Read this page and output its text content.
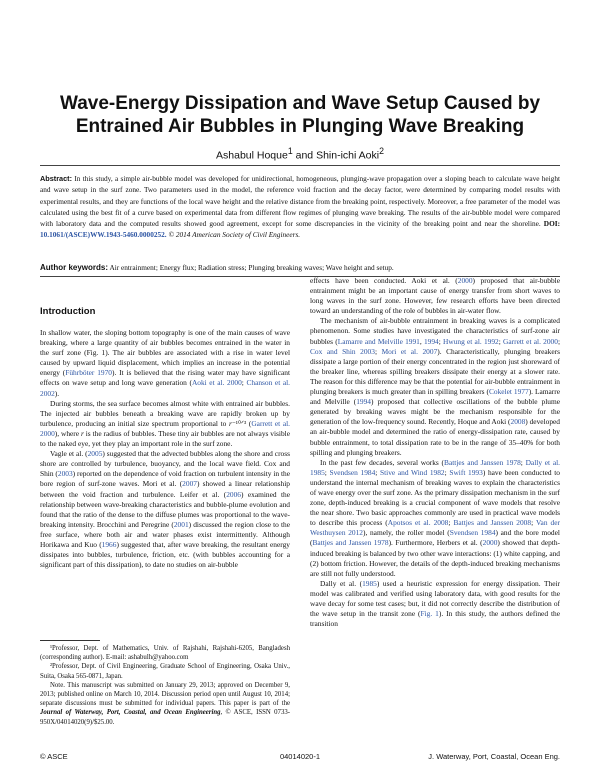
Wave-Energy Dissipation and Wave Setup Caused by Entrained Air Bubbles in Plunging Wave Breaking
Ashabul Hoque$^1$ and Shin-ichi Aoki$^2$

Abstract: In this study, a simple air-bubble model was developed for unidirectional, homogeneous, plunging-wave propagation over a sloping beach to calculate wave height and wave setup in the surf zone. Two parameters used in the model, the reference void fraction and the decay factor, were determined by comparing model results with experimental results, and they are functions of the local wave height and the relative distance from the breaking point, respectively. Moreover, a free parameter of the model was calculated using the best fit of a curve based on experimental data from different flow regimes of plunging wave breaking. The results of the air-bubble model were compared with laboratory data and the computed results showed good agreement, except for some discrepancies in the vicinity of the breaking point and near the shoreline. DOI: 10.1061/(ASCE)WW.1943-5460.0000252. © 2014 American Society of Civil Engineers.

Author keywords: Air entrainment; Energy flux; Radiation stress; Plunging breaking waves; Wave height and setup.

Introduction

In shallow water, the sloping bottom topography is one of the main causes of wave breaking, where a large quantity of air bubbles becomes entrained in the water in the surf zone (Fig. 1). The air bubbles are associated with a rise in water level caused by upward liquid displacement, which implies an increase in the potential energy (Führböter 1970). It is believed that the rising water may have significant effects on wave setup and long wave generation (Aoki et al. 2000; Chanson et al. 2002).

During storms, the sea surface becomes almost white with entrained air bubbles. The injected air bubbles beneath a breaking wave are rapidly broken up by turbulence, producing an initial size spectrum proportional to r⁻¹⁰ᐟ³ (Garrett et al. 2000), where r is the radius of bubbles. These tiny air bubbles are not always visible to the naked eye, yet they play an important role in the surf zone.

Vagle et al. (2005) suggested that the advected bubbles along the shore and cross shore are controlled by turbulence, buoyancy, and the local wave field. Cox and Shin (2003) reported on the dependence of void fraction on turbulent intensity in the bore region of surf-zone waves. Mori et al. (2007) showed a linear relationship between the void fraction and turbulence. Leifer et al. (2006) examined the relationship between wave-breaking characteristics and bubble-plume evolution and found that the ratio of the dense to the diffuse plumes was proportional to the wave-breaking intensity. Brocchini and Peregrine (2001) discussed the region close to the free surface, where both air and water phases exist intermittently. Although Horikawa and Kuo (1966) suggested that, after wave breaking, the resultant energy dissipates into bubbles, turbulence, friction, etc. (with bubbles accounting for a significant part of this dissipation), to date no studies on air-bubble

effects have been conducted. Aoki et al. (2000) proposed that air-bubble entrainment might be an important cause of energy transfer from short waves to long waves in the surf zone. However, few research efforts have been directed toward an understanding of the role of bubbles in air-water flow.

The mechanism of air-bubble entrainment in breaking waves is a complicated phenomenon. Some studies have investigated the characteristics of surf-zone air bubbles (Lamarre and Melville 1991, 1994; Hwung et al. 1992; Garrett et al. 2000; Cox and Shin 2003; Mori et al. 2007). Characteristically, plunging breakers dissipate a large portion of their energy concentrated in the region just shoreward of the breaker line, whereas spilling breakers dissipate their energy at a slower rate. The reason for this difference may be that the potential for air-bubble entrainment in plunging breakers is much greater than in spilling breakers (Cokelet 1977). Lamarre and Melville (1994) proposed that collective oscillations of the bubble plume generated by breaking waves might be the mechanism responsible for the generation of the low-frequency sound. Recently, Hoque and Aoki (2008) developed an air-bubble model and determined the ratio of energy-dissipation rate, caused by bubble entrainment, to total dissipation rate to be in the range of 35–40% for both spilling and plunging breakers.

In the past few decades, several works (Battjes and Janssen 1978; Dally et al. 1985; Svendsen 1984; Stive and Wind 1982; Swift 1993) have been conducted to understand the internal mechanism of breaking waves to explain the characteristics of wave energy over the surf zone. As the primary dissipation mechanism in the surf zone, depth-induced breaking is a crucial component of wave models that resolve the near shore. Two basic approaches commonly are used in practical wave models to describe this process (Apotsos et al. 2008; Battjes and Janssen 2008; Van der Westhuysen 2012), namely, the roller model (Svendsen 1984) and the bore model (Battjes and Janssen 1978). Furthermore, Herbers et al. (2000) showed that depth-induced breaking is balanced by two other wave interactions: (1) white capping, and (2) bottom friction. However, the details of the depth-induced breaking mechanisms are still not fully understood.

Dally et al. (1985) used a heuristic expression for energy dissipation. Their model was calibrated and verified using laboratory data, with good results for the wave decay for some test cases; but, it did not correctly describe the distribution of the wave setup in the transit zone (Fig. 1). In this study, the authors defined the transition

¹Professor, Dept. of Mathematics, Univ. of Rajshahi, Rajshahi-6205, Bangladesh (corresponding author). E-mail: ashabulh@yahoo.com

²Professor, Dept. of Civil Engineering, Graduate School of Engineering, Osaka Univ., Suita, Osaka 565-0871, Japan.

Note. This manuscript was submitted on January 29, 2013; approved on December 9, 2013; published online on March 10, 2014. Discussion period open until August 10, 2014; separate discussions must be submitted for individual papers. This paper is part of the Journal of Waterway, Port, Coastal, and Ocean Engineering, © ASCE, ISSN 0733-950X/04014020(9)/$25.00.

© ASCE	04014020-1	J. Waterway, Port, Coastal, Ocean Eng.
